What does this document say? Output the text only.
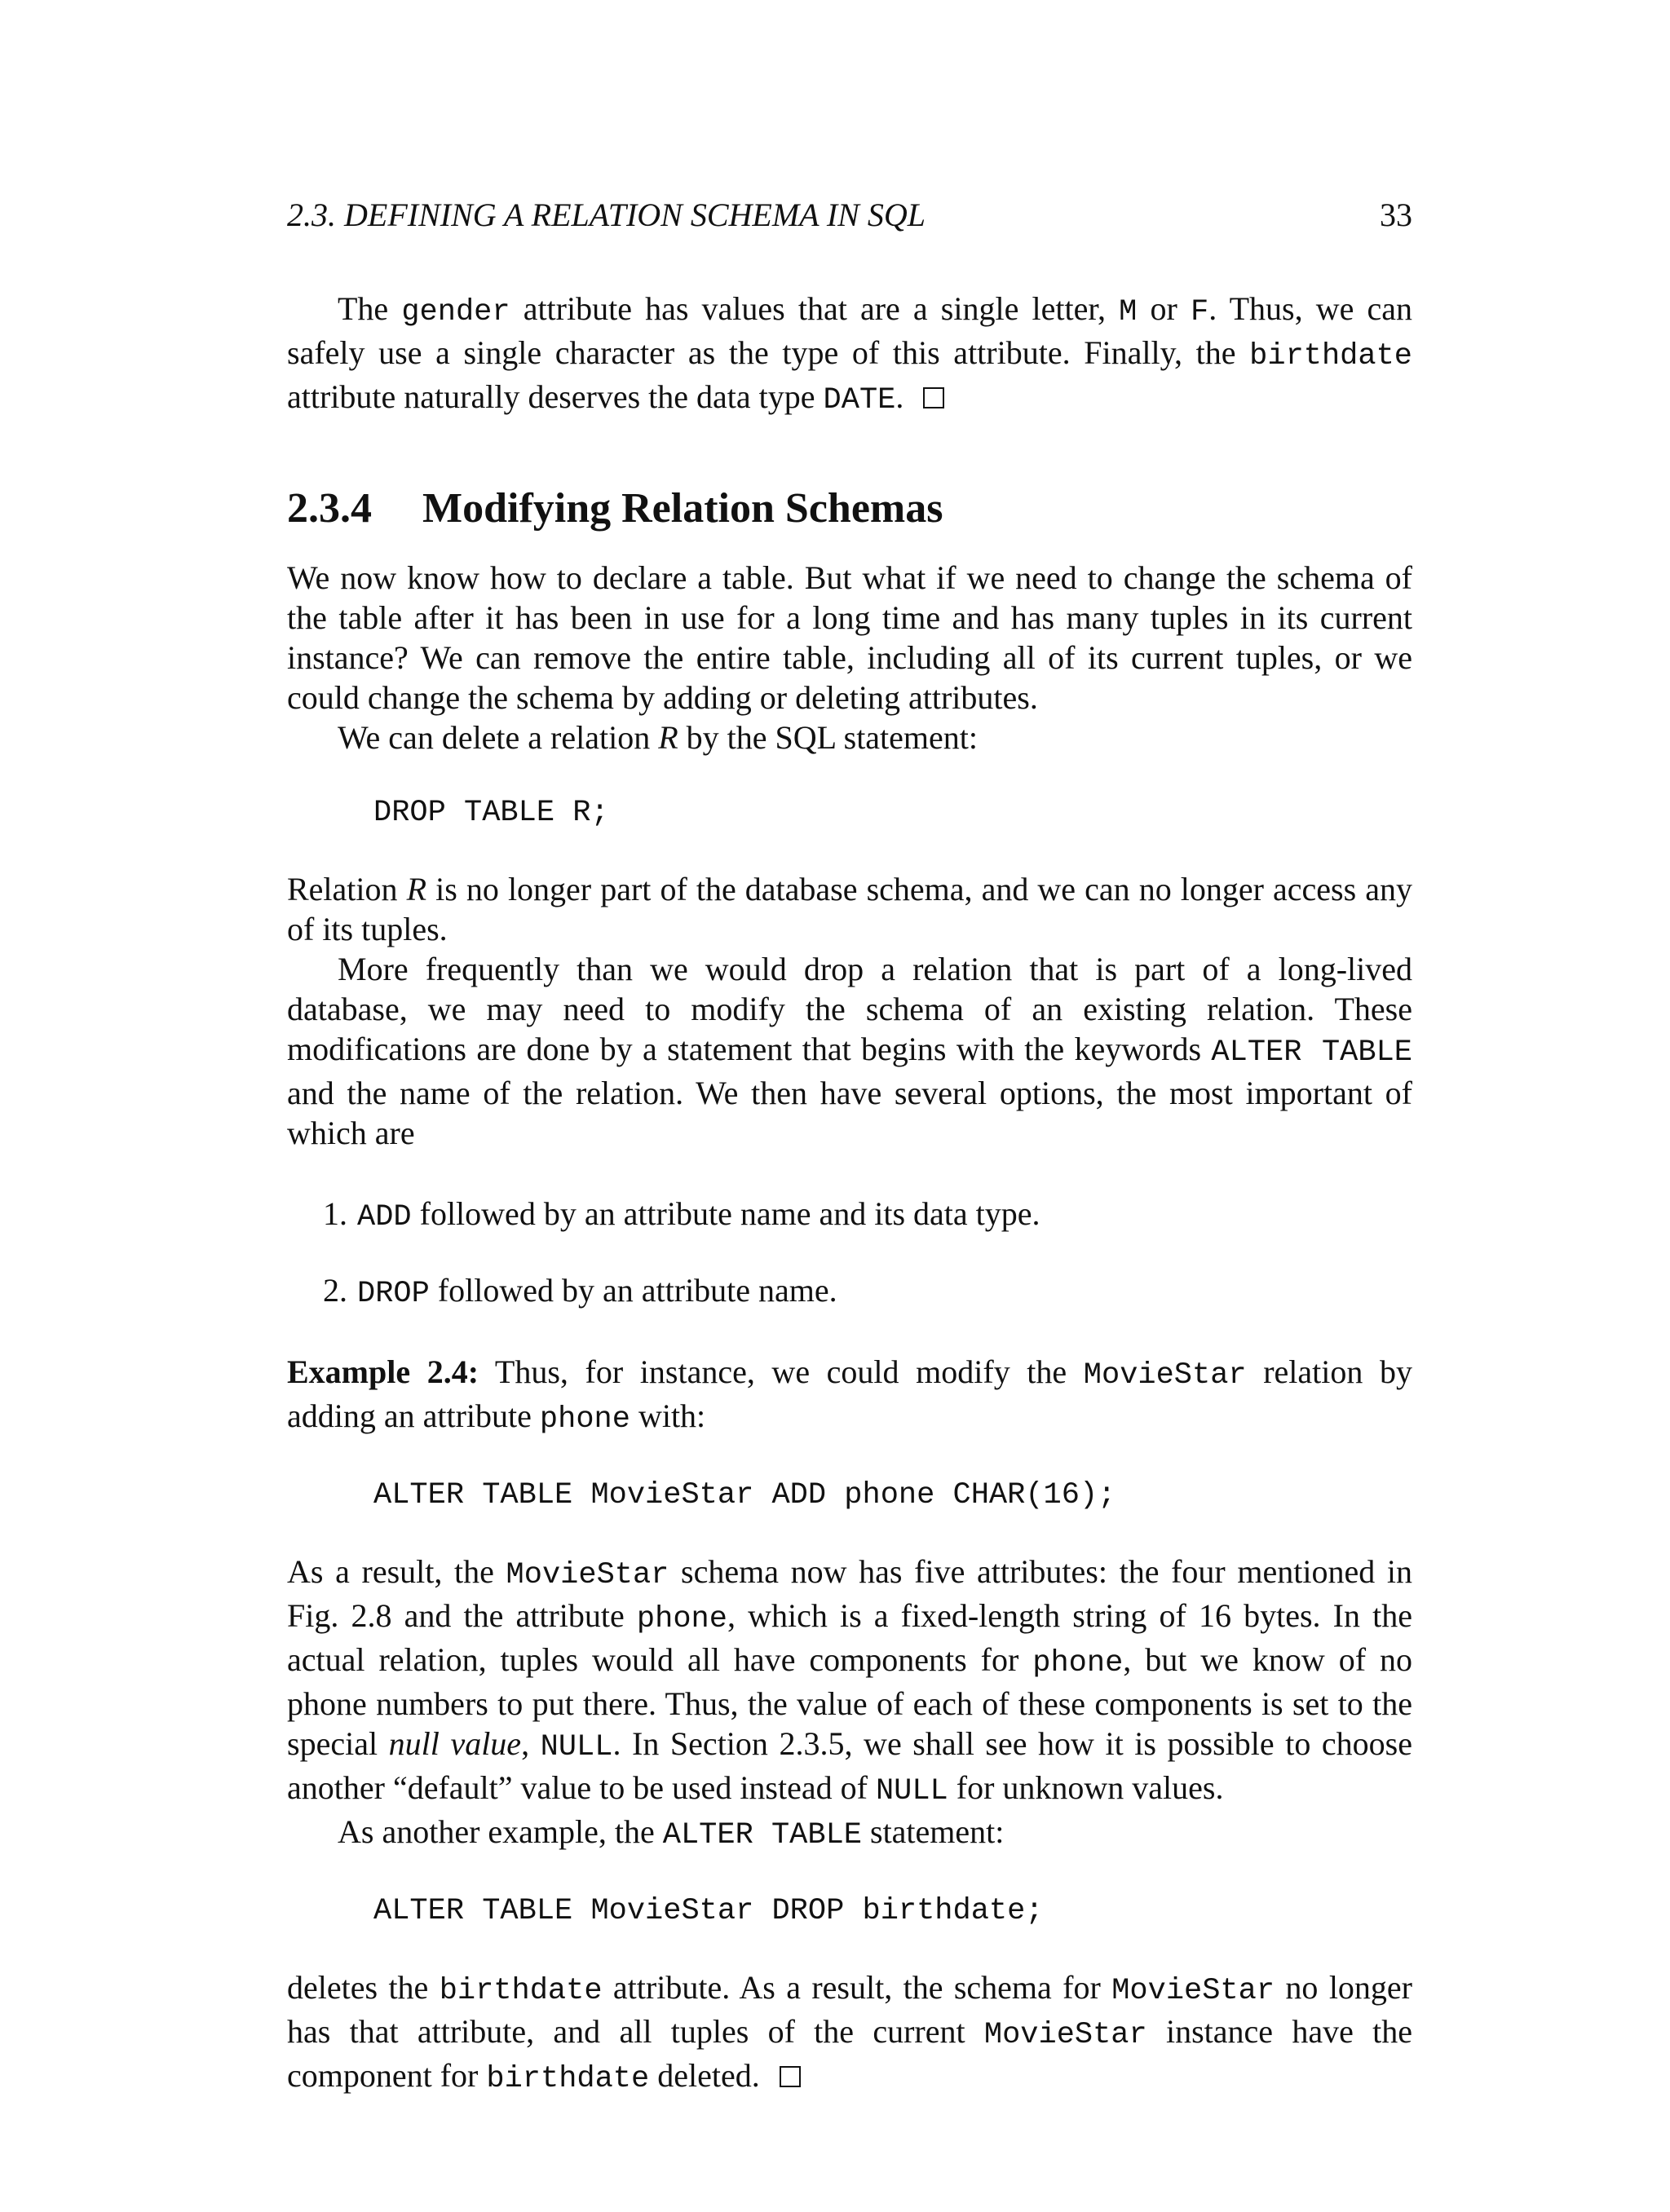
2.3. DEFINING A RELATION SCHEMA IN SQL	33

The gender attribute has values that are a single letter, M or F. Thus, we can safely use a single character as the type of this attribute. Finally, the birthdate attribute naturally deserves the data type DATE.

2.3.4 Modifying Relation Schemas

We now know how to declare a table. But what if we need to change the schema of the table after it has been in use for a long time and has many tuples in its current instance? We can remove the entire table, including all of its current tuples, or we could change the schema by adding or deleting attributes.

We can delete a relation R by the SQL statement:

DROP TABLE R;

Relation R is no longer part of the database schema, and we can no longer access any of its tuples.

More frequently than we would drop a relation that is part of a long-lived database, we may need to modify the schema of an existing relation. These modifications are done by a statement that begins with the keywords ALTER TABLE and the name of the relation. We then have several options, the most important of which are

1. ADD followed by an attribute name and its data type.
2. DROP followed by an attribute name.

Example 2.4: Thus, for instance, we could modify the MovieStar relation by adding an attribute phone with:

ALTER TABLE MovieStar ADD phone CHAR(16);

As a result, the MovieStar schema now has five attributes: the four mentioned in Fig. 2.8 and the attribute phone, which is a fixed-length string of 16 bytes. In the actual relation, tuples would all have components for phone, but we know of no phone numbers to put there. Thus, the value of each of these components is set to the special null value, NULL. In Section 2.3.5, we shall see how it is possible to choose another “default” value to be used instead of NULL for unknown values.

As another example, the ALTER TABLE statement:

ALTER TABLE MovieStar DROP birthdate;

deletes the birthdate attribute. As a result, the schema for MovieStar no longer has that attribute, and all tuples of the current MovieStar instance have the component for birthdate deleted.
